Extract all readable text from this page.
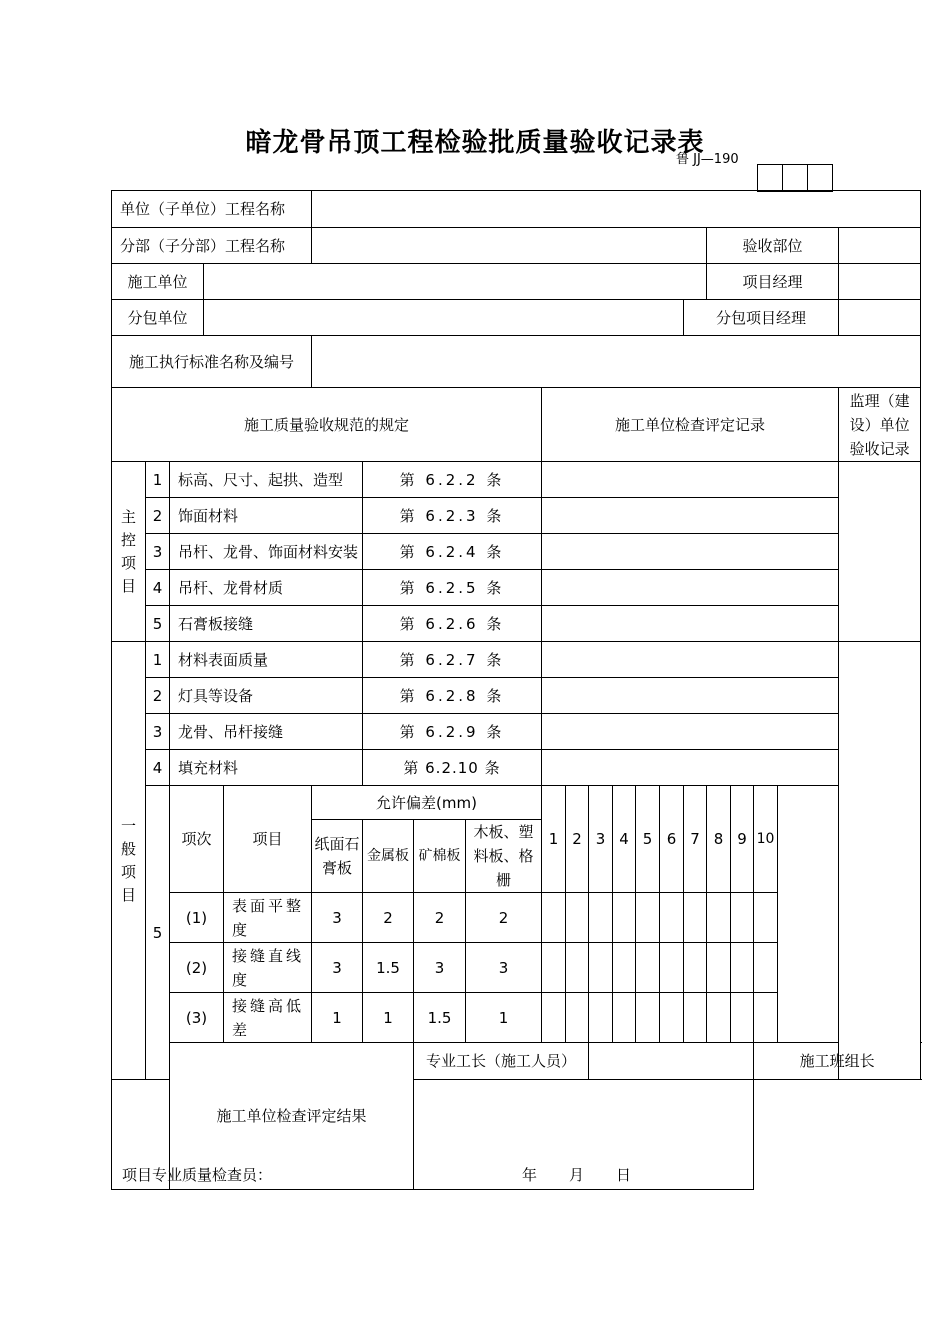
暗龙骨吊顶工程检验批质量验收记录表
鲁 JJ—190

单位（子单位）工程名称																				
分部（子分部）工程名称																验收部位				
施工单位																项目经理				
分包单位															分包项目经理					
施工执行标准名称及编号																				
施工质量验收规范的规定									施工单位检查评定记录										监理（建设）单位验收记录	
主控项目	1	标高、尺寸、起拱、造型				第 6.2.2 条														
	2	饰面材料				第 6.2.3 条														
	3	吊杆、龙骨、饰面材料安装				第 6.2.4 条														
	4	吊杆、龙骨材质				第 6.2.5 条														
	5	石膏板接缝				第 6.2.6 条														
一般项目	1	材料表面质量				第 6.2.7 条														
	2	灯具等设备				第 6.2.8 条														
	3	龙骨、吊杆接缝				第 6.2.9 条														
	4	填充材料				第 6.2.10 条														
	5	项次		项目	允许偏差(mm)				1	2	3	4	5	6	7	8	9	10		
					纸面石膏板	金属板	矿棉板	木板、塑料板、格栅												
		(1)		表面平整度	3	2	2	2												
		(2)		接缝直线度	3	1.5	3	3												
		(3)		接缝高低差	1	1	1.5	1												
		施工单位检查评定结果					专业工长（施工人员）											施工班组长		

项目专业质量检查员： 年 月 日																				
